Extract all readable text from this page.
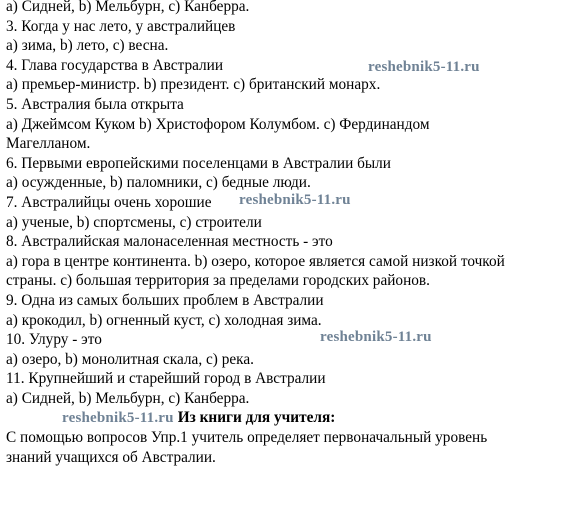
a) Сидней, b) Мельбурн, c) Канберра.
3. Когда у нас лето, у австралийцев
а) зима, b) лето, с) весна.
4. Глава государства в Австралии	reshebnik5-11.ru
а) премьер-министр. b) президент. с) британский монарх.
5. Австралия была открыта
a) Джеймсом Куком b) Христофором Колумбом. c) Фердинандом
Магелланом.
6. Первыми европейскими поселенцами в Австралии были
a) осужденные, b) паломники, c) бедные люди.
7. Австралийцы очень хорошие reshebnik5-11.ru
a) ученые, b) спортсмены, c) строители
8. Австралийская малонаселенная местность - это
a) гора в центре континента. b) озеро, которое является самой низкой точкой
страны. c) большая территория за пределами городских районов.
9. Одна из самых больших проблем в Австралии
a) крокодил, b) огненный куст, c) холодная зима.
10. Улуру - это	reshebnik5-11.ru
а) озеро, b) монолитная скала, с) река.
11. Крупнейший и старейший город в Австралии
a) Сидней, b) Мельбурн, c) Канберра.
reshebnik5-11.ru Из книги для учителя:
С помощью вопросов Упр.1 учитель определяет первоначальный уровень
знаний учащихся об Австралии.
